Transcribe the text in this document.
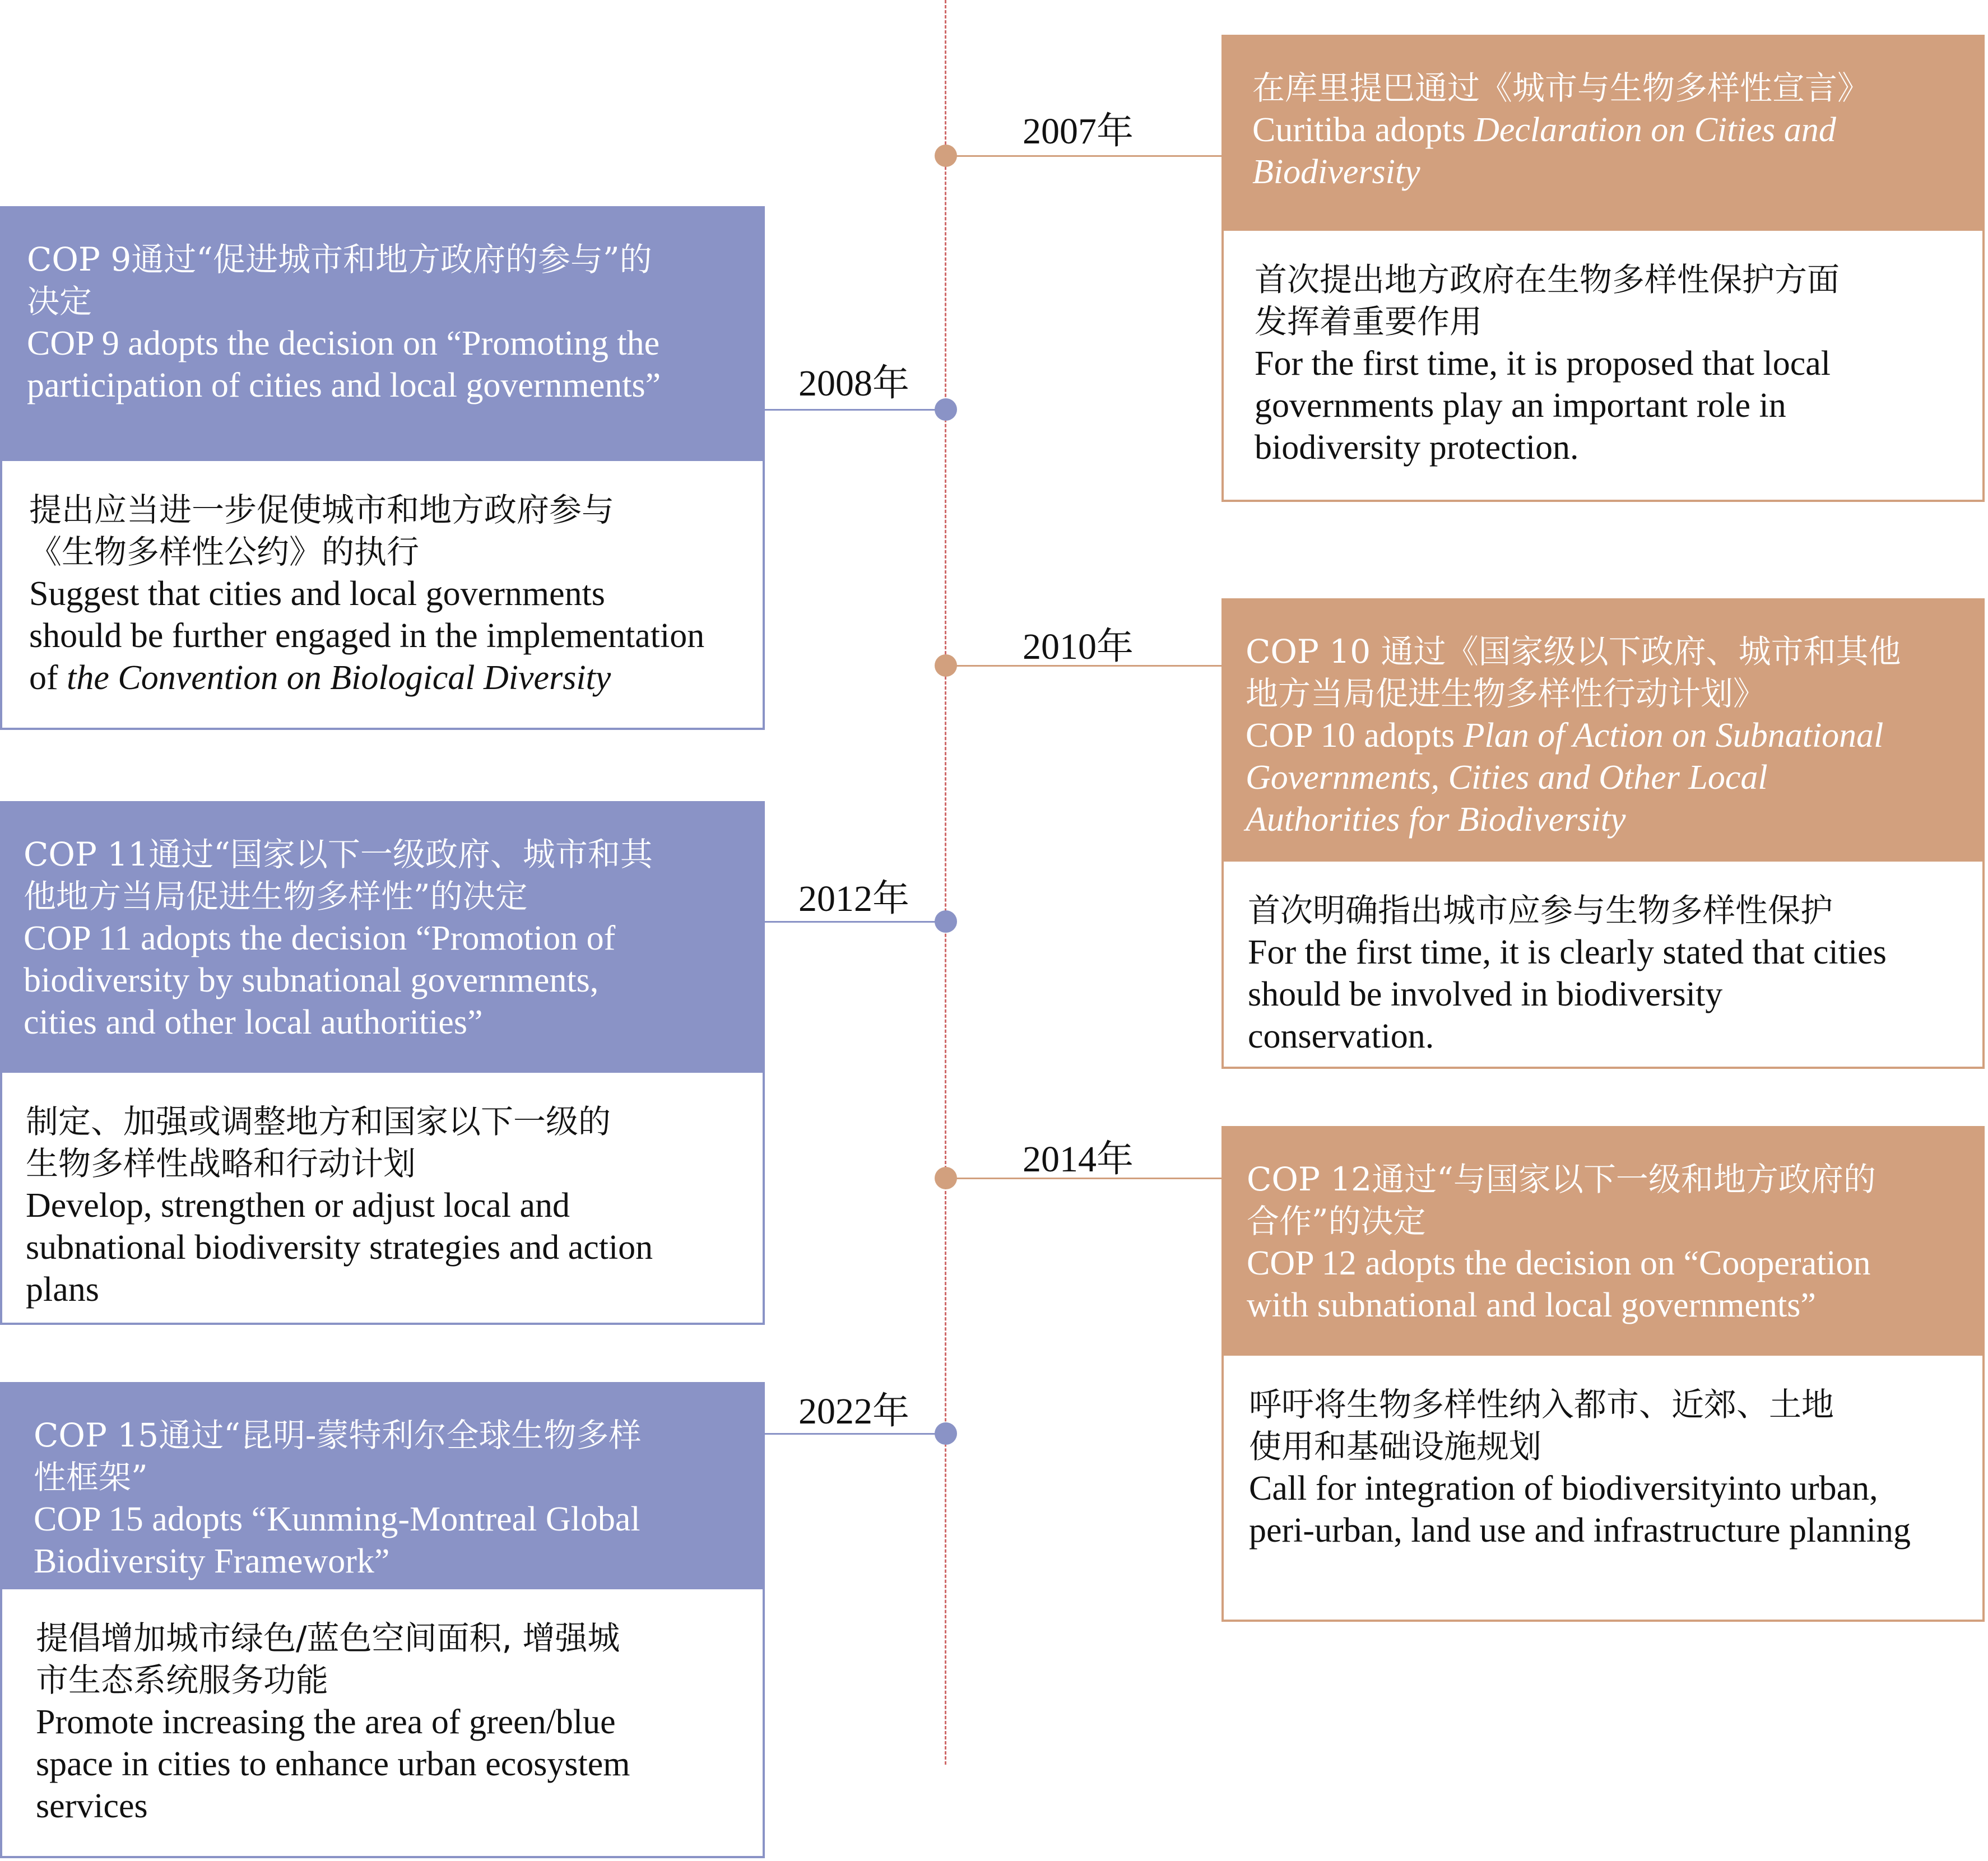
2007年
在库里提巴通过《城市与生物多样性宣言》
Curitiba adopts Declaration on Cities and
Biodiversity
首次提出地方政府在生物多样性保护方面
发挥着重要作用
For the first time, it is proposed that local
governments play an important role in
biodiversity protection.
2008年
COP 9通过“促进城市和地方政府的参与”的
决定
COP 9 adopts the decision on “Promoting the
participation of cities and local governments”
提出应当进一步促使城市和地方政府参与
《生物多样性公约》的执行
Suggest that cities and local governments
should be further engaged in the implementation
of the Convention on Biological Diversity
2010年	COP 10 通过《国家级以下政府、城市和其他
地方当局促进生物多样性行动计划》
COP 10 adopts Plan of Action on Subnational
Governments, Cities and Other Local
Authorities for Biodiversity
首次明确指出城市应参与生物多样性保护
For the first time, it is clearly stated that cities
should be involved in biodiversity
conservation.
2012年
COP 11通过“国家以下一级政府、城市和其
他地方当局促进生物多样性”的决定
COP 11 adopts the decision “Promotion of
biodiversity by subnational governments,
cities and other local authorities”
制定、加强或调整地方和国家以下一级的
生物多样性战略和行动计划
Develop, strengthen or adjust local and
subnational biodiversity strategies and action
plans
2014年	COP 12通过“与国家以下一级和地方政府的
合作”的决定
COP 12 adopts the decision on “Cooperation
with subnational and local governments”
呼吁将生物多样性纳入都市、近郊、土地
使用和基础设施规划
Call for integration of biodiversityinto urban,
peri-urban, land use and infrastructure planning
2022年
COP 15通过“昆明-蒙特利尔全球生物多样
性框架”
COP 15 adopts “Kunming-Montreal Global
Biodiversity Framework”
提倡增加城市绿色/蓝色空间面积, 增强城
市生态系统服务功能
Promote increasing the area of green/blue
space in cities to enhance urban ecosystem
services
